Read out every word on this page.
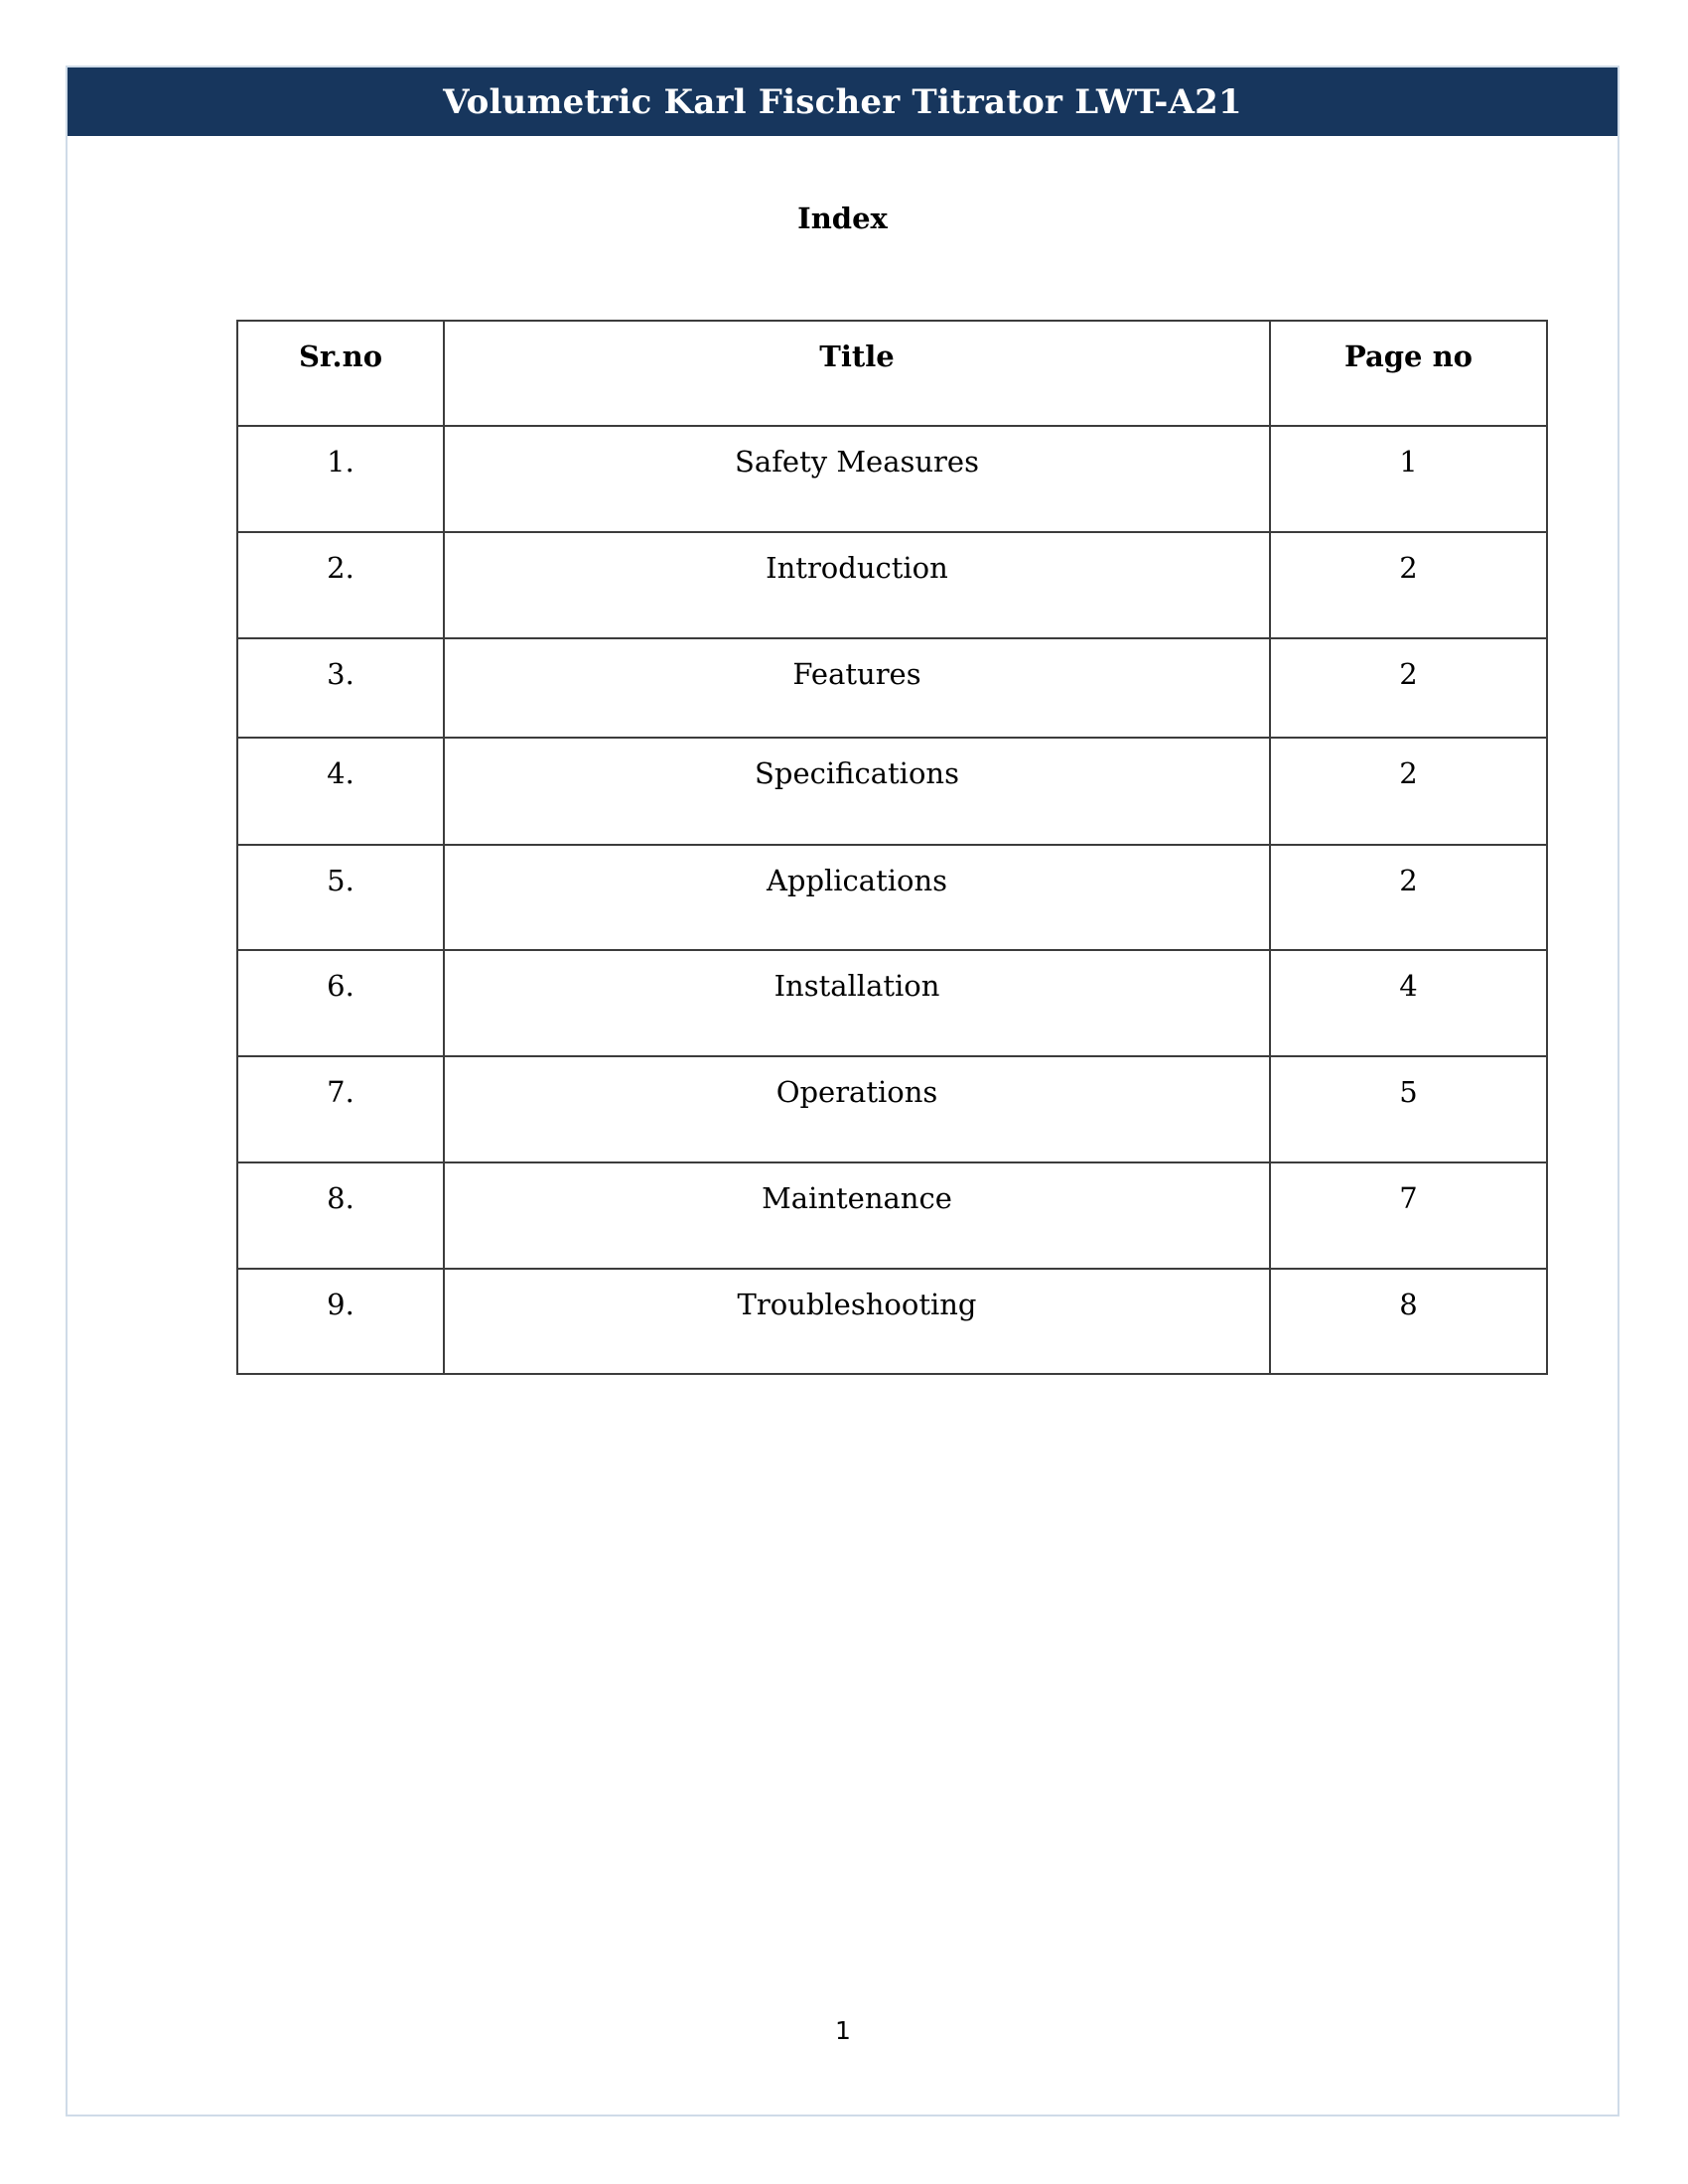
Volumetric Karl Fischer Titrator LWT-A21
Index
Sr.no	Title	Page no
1.	Safety Measures	1
2.	Introduction	2
3.	Features	2
4.	Specifications	2
5.	Applications	2
6.	Installation	4
7.	Operations	5
8.	Maintenance	7
9.	Troubleshooting	8
1
